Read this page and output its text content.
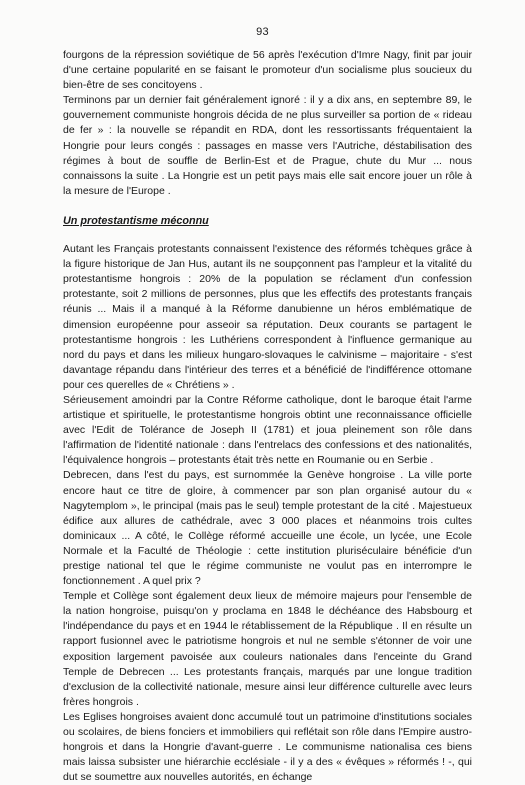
93

fourgons de la répression soviétique de 56 après l'exécution d'Imre Nagy, finit par jouir d'une certaine popularité en se faisant le promoteur d'un socialisme plus soucieux du bien-être de ses concitoyens .

Terminons par un dernier fait généralement ignoré : il y a dix ans, en septembre 89, le gouvernement communiste hongrois décida de ne plus surveiller sa portion de « rideau de fer » : la nouvelle se répandit en RDA, dont les ressortissants fréquentaient la Hongrie pour leurs congés : passages en masse vers l'Autriche, déstabilisation des régimes à bout de souffle de Berlin-Est et de Prague, chute du Mur ... nous connaissons la suite . La Hongrie est un petit pays mais elle sait encore jouer un rôle à la mesure de l'Europe .

Un protestantisme méconnu

Autant les Français protestants connaissent l'existence des réformés tchèques grâce à la figure historique de Jan Hus, autant ils ne soupçonnent pas l'ampleur et la vitalité du protestantisme hongrois : 20% de la population se réclament d'un confession protestante, soit 2 millions de personnes, plus que les effectifs des protestants français réunis ... Mais il a manqué à la Réforme danubienne un héros emblématique de dimension européenne pour asseoir sa réputation. Deux courants se partagent le protestantisme hongrois : les Luthériens correspondent à l'influence germanique au nord du pays et dans les milieux hungaro-slovaques le calvinisme – majoritaire - s'est davantage répandu dans l'intérieur des terres et a bénéficié de l'indifférence ottomane pour ces querelles de « Chrétiens » .

Sérieusement amoindri par la Contre Réforme catholique, dont le baroque était l'arme artistique et spirituelle, le protestantisme hongrois obtint une reconnaissance officielle avec l'Edit de Tolérance de Joseph II (1781) et joua pleinement son rôle dans l'affirmation de l'identité nationale : dans l'entrelacs des confessions et des nationalités, l'équivalence hongrois – protestants était très nette en Roumanie ou en Serbie .

Debrecen, dans l'est du pays, est surnommée la Genève hongroise . La ville porte encore haut ce titre de gloire, à commencer par son plan organisé autour du « Nagytemplom », le principal (mais pas le seul) temple protestant de la cité . Majestueux édifice aux allures de cathédrale, avec 3 000 places et néanmoins trois cultes dominicaux ... A côté, le Collège réformé accueille une école, un lycée, une Ecole Normale et la Faculté de Théologie : cette institution pluriséculaire bénéficie d'un prestige national tel que le régime communiste ne voulut pas en interrompre le fonctionnement . A quel prix ?

Temple et Collège sont également deux lieux de mémoire majeurs pour l'ensemble de la nation hongroise, puisqu'on y proclama en 1848 le déchéance des Habsbourg et l'indépendance du pays et en 1944 le rétablissement de la République . Il en résulte un rapport fusionnel avec le patriotisme hongrois et nul ne semble s'étonner de voir une exposition largement pavoisée aux couleurs nationales dans l'enceinte du Grand Temple de Debrecen ... Les protestants français, marqués par une longue tradition d'exclusion de la collectivité nationale, mesure ainsi leur différence culturelle avec leurs frères hongrois .

Les Eglises hongroises avaient donc accumulé tout un patrimoine d'institutions sociales ou scolaires, de biens fonciers et immobiliers qui reflétait son rôle dans l'Empire austro-hongrois et dans la Hongrie d'avant-guerre . Le communisme nationalisa ces biens mais laissa subsister une hiérarchie ecclésiale - il y a des « évêques » réformés ! -, qui dut se soumettre aux nouvelles autorités, en échange
